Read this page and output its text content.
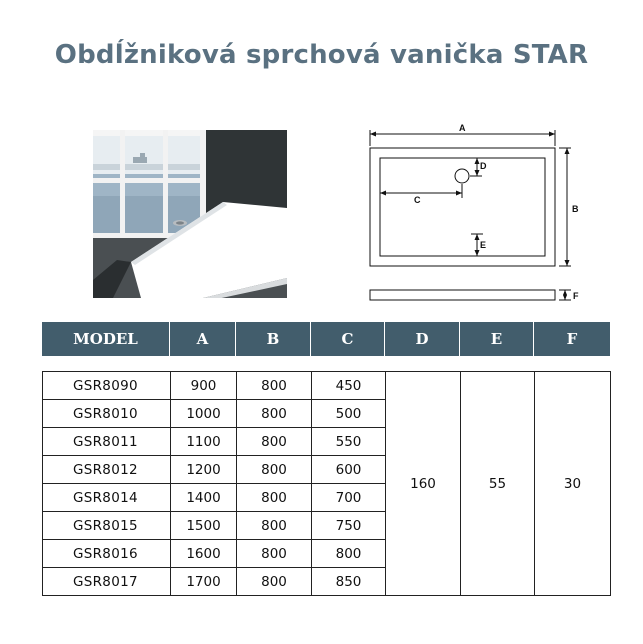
Obdĺžniková sprchová vanička STAR
A
B
C
D
E
F
MODEL	A	B	C	D	E	F
GSR8090	900	800	450	160	55	30
GSR8010	1000	800	500			
GSR8011	1100	800	550			
GSR8012	1200	800	600			
GSR8014	1400	800	700			
GSR8015	1500	800	750			
GSR8016	1600	800	800			
GSR8017	1700	800	850			
